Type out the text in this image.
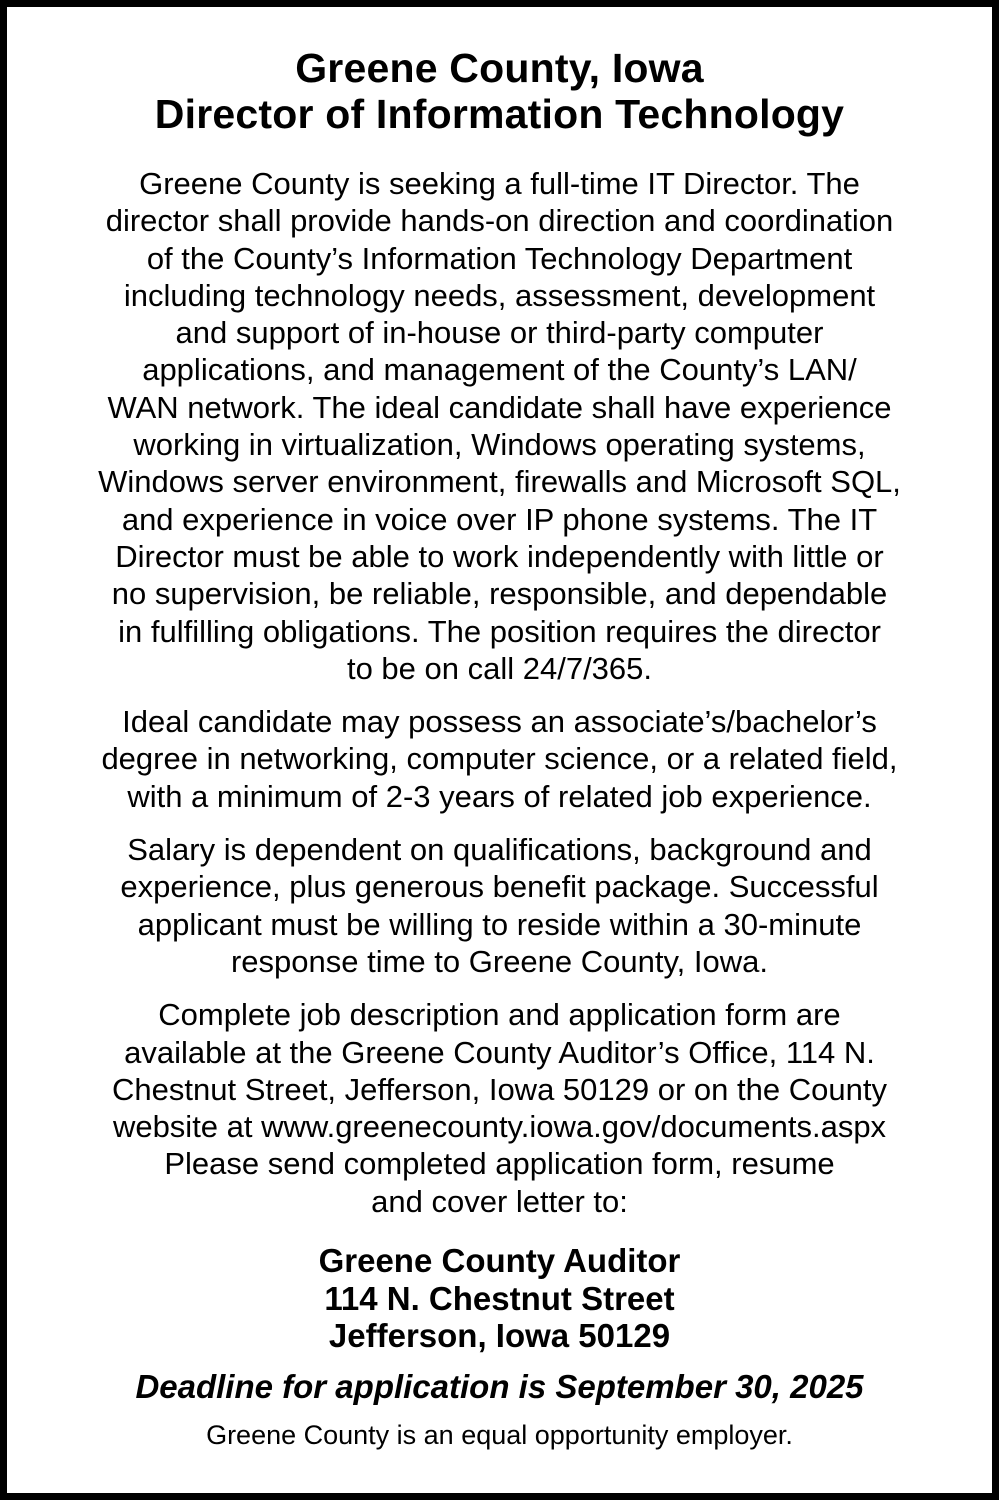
Greene County, Iowa
Director of Information Technology

Greene County is seeking a full-time IT Director. The
director shall provide hands-on direction and coordination
of the County’s Information Technology Department
including technology needs, assessment, development
and support of in-house or third-party computer
applications, and management of the County’s LAN/
WAN network. The ideal candidate shall have experience
working in virtualization, Windows operating systems,
Windows server environment, firewalls and Microsoft SQL,
and experience in voice over IP phone systems. The IT
Director must be able to work independently with little or
no supervision, be reliable, responsible, and dependable
in fulfilling obligations. The position requires the director
to be on call 24/7/365.

Ideal candidate may possess an associate’s/bachelor’s
degree in networking, computer science, or a related field,
with a minimum of 2-3 years of related job experience.

Salary is dependent on qualifications, background and
experience, plus generous benefit package. Successful
applicant must be willing to reside within a 30-minute
response time to Greene County, Iowa.

Complete job description and application form are
available at the Greene County Auditor’s Office, 114 N.
Chestnut Street, Jefferson, Iowa 50129 or on the County
website at www.greenecounty.iowa.gov/documents.aspx
Please send completed application form, resume
and cover letter to:

Greene County Auditor
114 N. Chestnut Street
Jefferson, Iowa 50129
Deadline for application is September 30, 2025
Greene County is an equal opportunity employer.
